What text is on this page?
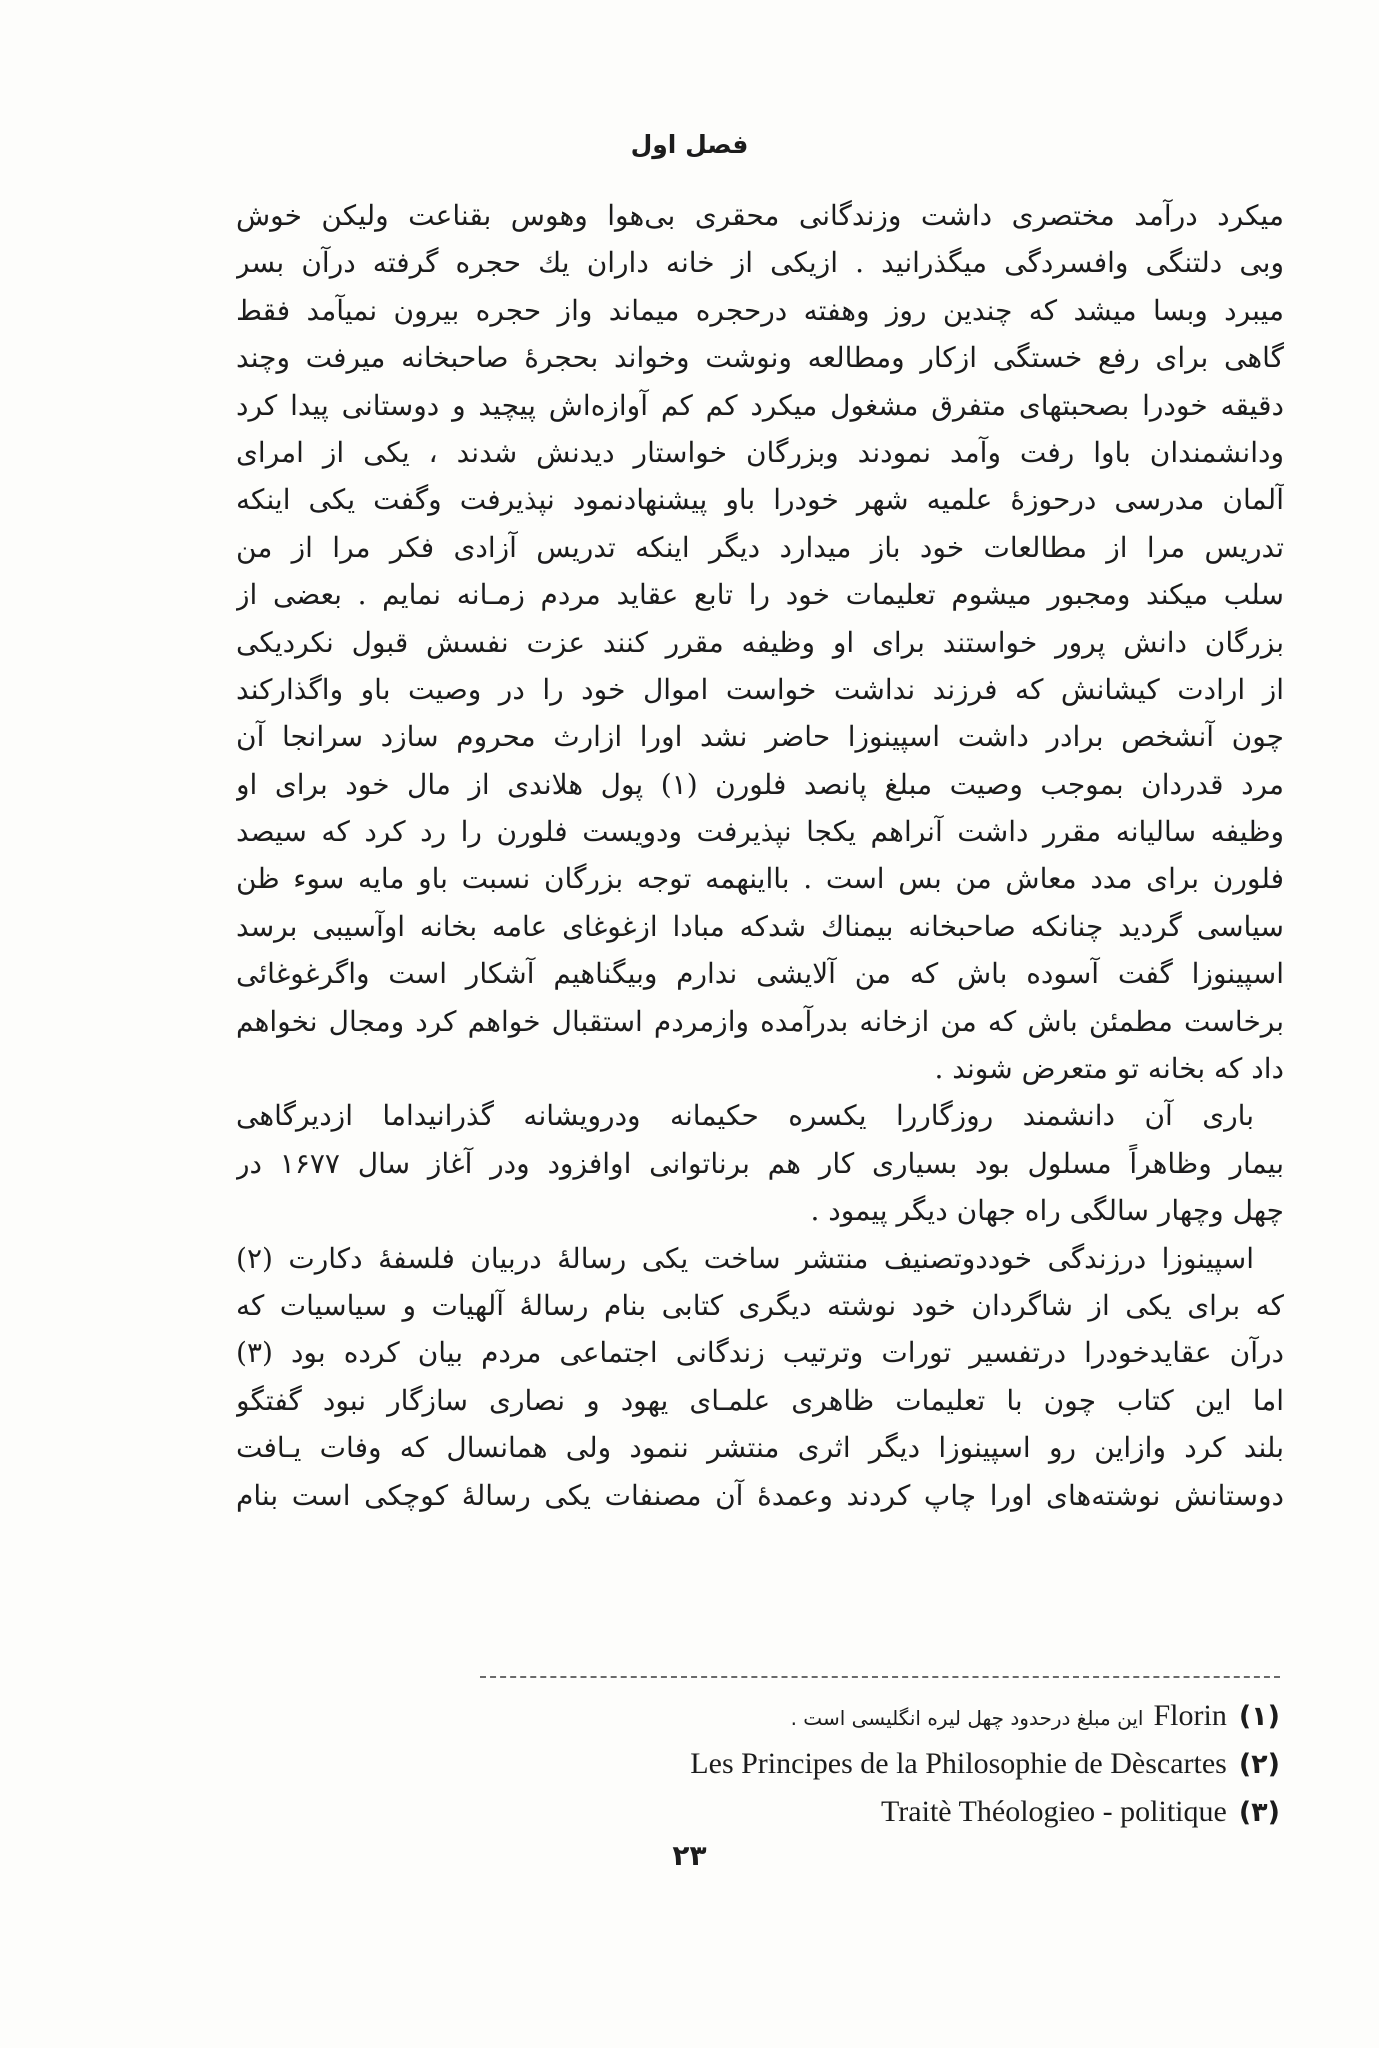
فصل اول
میکرد درآمد مختصری داشت وزندگانی محقری بی‌هوا وهوس بقناعت ولیکن خوش
وبی دلتنگی وافسردگی میگذرانید . ازیکی از خانه داران یك حجره گرفته درآن بسر
میبرد وبسا میشد که چندین روز وهفته درحجره میماند واز حجره بیرون نمیآمد فقط
گاهی برای رفع خستگی ازکار ومطالعه ونوشت وخواند بحجرهٔ صاحبخانه میرفت وچند
دقیقه خودرا بصحبتهای متفرق مشغول میکرد کم کم آوازه‌اش پیچید و دوستانی پیدا کرد
ودانشمندان باوا رفت وآمد نمودند وبزرگان خواستار دیدنش شدند ، یکی از امرای
آلمان مدرسی درحوزهٔ علمیه شهر خودرا باو پیشنهادنمود نپذیرفت وگفت یکی اینکه
تدریس مرا از مطالعات خود باز میدارد دیگر اینکه تدریس آزادی فکر مرا از من
سلب میکند ومجبور میشوم تعلیمات خود را تابع عقاید مردم زمـانه نمایم . بعضی از
بزرگان دانش پرور خواستند برای او وظیفه مقرر کنند عزت نفسش قبول نکردیکی
از ارادت کیشانش که فرزند نداشت خواست اموال خود را در وصیت باو واگذارکند
چون آنشخص برادر داشت اسپینوزا حاضر نشد اورا ازارث محروم سازد سرانجا آن
مرد قدردان بموجب وصیت مبلغ پانصد فلورن (۱) پول هلاندی از مال خود برای او
وظیفه سالیانه مقرر داشت آنراهم یکجا نپذیرفت ودویست فلورن را رد کرد که سیصد
فلورن برای مدد معاش من بس است . بااینهمه توجه بزرگان نسبت باو مایه سوء ظن
سیاسی گردید چنانکه صاحبخانه بیمناك شدکه مبادا ازغوغای عامه بخانه اوآسیبی برسد
اسپینوزا گفت آسوده باش که من آلایشی ندارم وبیگناهیم آشکار است واگرغوغائی
برخاست مطمئن باش که من ازخانه بدرآمده وازمردم استقبال خواهم کرد ومجال نخواهم
داد که بخانه تو متعرض شوند .
باری آن دانشمند روزگاررا یکسره حکیمانه ودرویشانه گذرانیداما ازدیرگاهی
بیمار وظاهراً مسلول بود بسیاری کار هم برناتوانی اوافزود ودر آغاز سال ۱۶۷۷ در
چهل وچهار سالگی راه جهان دیگر پیمود .
اسپینوزا درزندگی خوددوتصنیف منتشر ساخت یکی رسالهٔ دربیان فلسفهٔ دکارت (۲)
که برای یکی از شاگردان خود نوشته دیگری کتابی بنام رسالهٔ آلهیات و سیاسیات که
درآن عقایدخودرا درتفسیر تورات وترتیب زندگانی اجتماعی مردم بیان کرده بود (۳)
اما این کتاب چون با تعلیمات ظاهری علمـای یهود و نصاری سازگار نبود گفتگو
بلند کرد وازاین رو اسپینوزا دیگر اثری منتشر ننمود ولی همانسال که وفات یـافت
دوستانش نوشته‌های اورا چاپ کردند وعمدهٔ آن مصنفات یکی رسالهٔ کوچکی است بنام
(۱)Florinاین مبلغ درحدود چهل لیره انگلیسی است .
(۲)Les Principes de la Philosophie de Dèscartes
(۳)Traitè Théologieo - politique
۲۳
